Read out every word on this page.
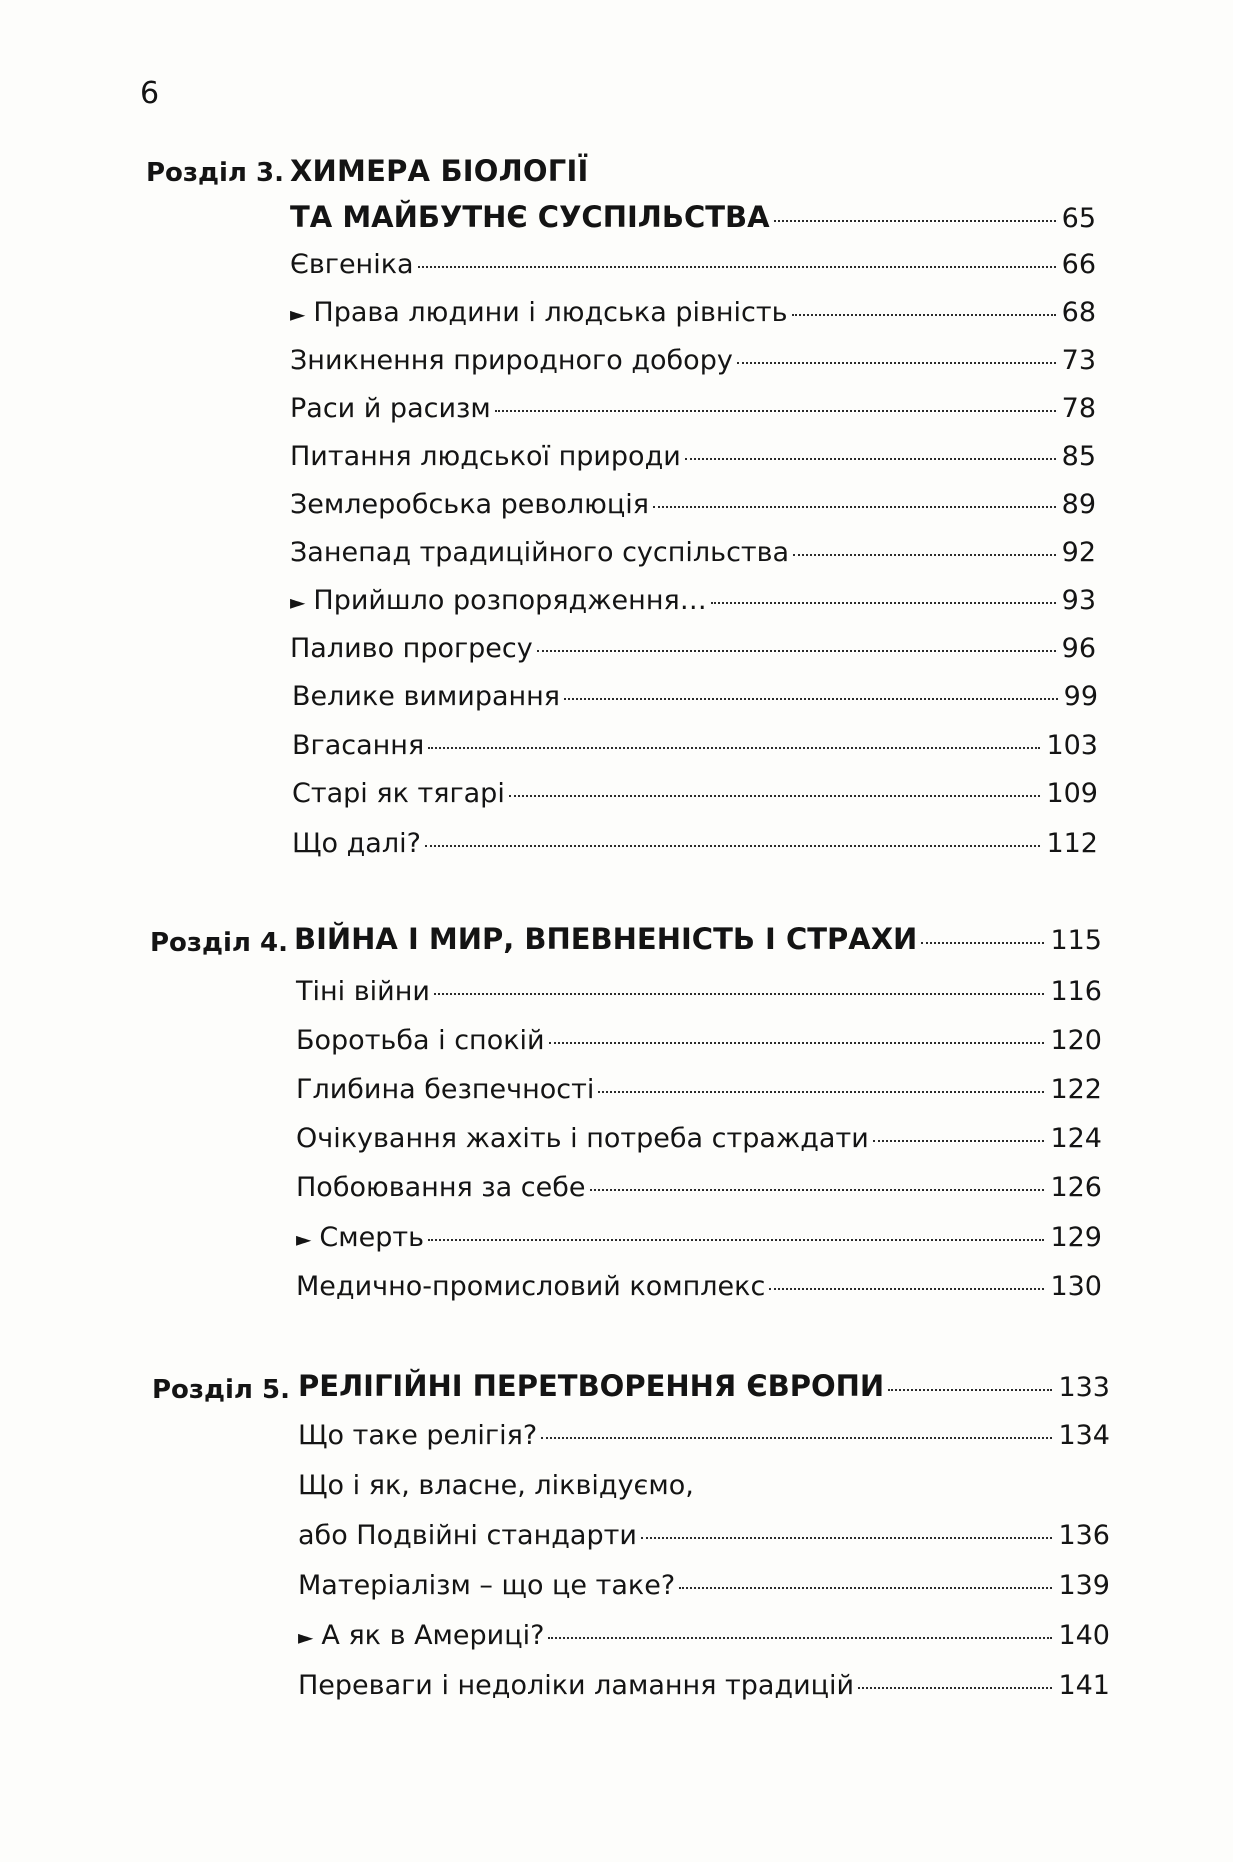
6
Розділ 3. ХИМЕРА БІОЛОГІЇ
ТА МАЙБУТНЄ СУСПІЛЬСТВА	65
Євгеніка	66
► Права людини і людська рівність	68
Зникнення природного добору	73
Раси й расизм	78
Питання людської природи	85
Землеробська революція	89
Занепад традиційного суспільства	92
► Прийшло розпорядження…	93
Паливо прогресу	96
Велике вимирання	99
Вгасання	103
Старі як тягарі	109
Що далі?	112
Розділ 4. ВІЙНА І МИР, ВПЕВНЕНІСТЬ І СТРАХИ	115
Тіні війни	116
Боротьба і спокій	120
Глибина безпечності	122
Очікування жахіть і потреба страждати	124
Побоювання за себе	126
► Смерть	129
Медично-промисловий комплекс	130
Розділ 5. РЕЛІГІЙНІ ПЕРЕТВОРЕННЯ ЄВРОПИ	133
Що таке релігія?	134
Що і як, власне, ліквідуємо,
або Подвійні стандарти	136
Матеріалізм – що це таке?	139
► А як в Америці?	140
Переваги і недоліки ламання традицій	141
